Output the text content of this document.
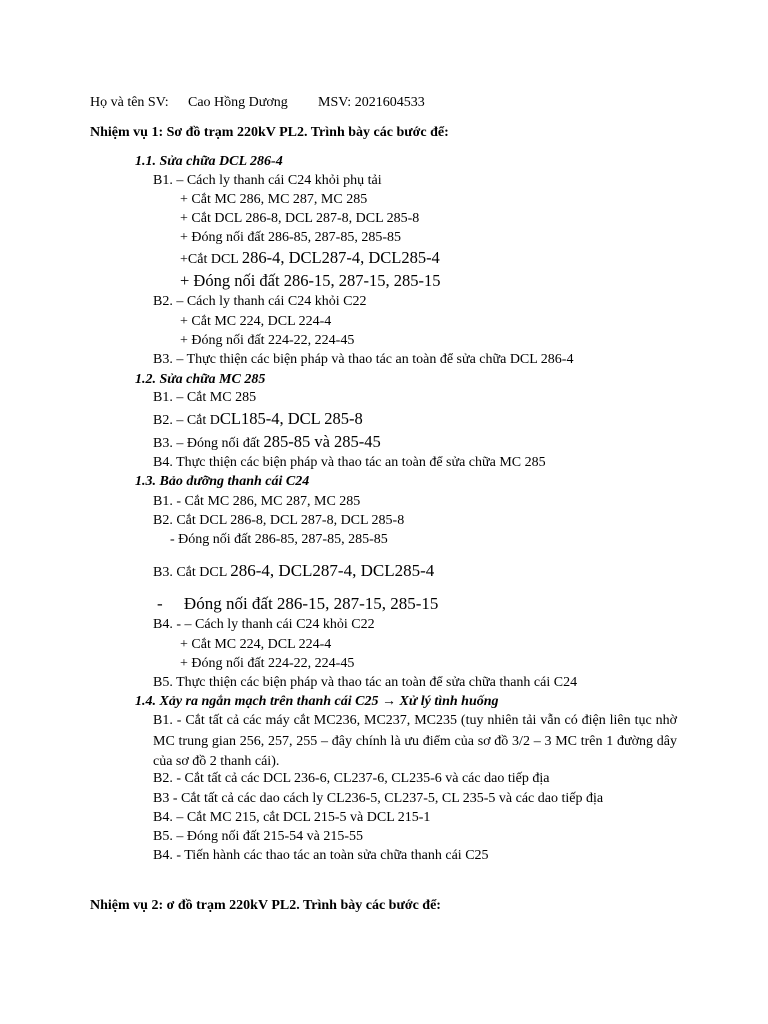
Họ và tên SV: Cao Hồng Dương MSV: 2021604533
Nhiệm vụ 1: Sơ đồ trạm 220kV PL2. Trình bày các bước để:
1.1. Sửa chữa DCL 286-4
B1. – Cách ly thanh cái C24 khỏi phụ tải
+ Cắt MC 286, MC 287, MC 285
+ Cắt DCL 286-8, DCL 287-8, DCL 285-8
+ Đóng nối đất 286-85, 287-85, 285-85
+Cắt DCL 286-4, DCL287-4, DCL285-4
+ Đóng nối đất 286-15, 287-15, 285-15
B2. – Cách ly thanh cái C24 khỏi C22
+ Cắt MC 224, DCL 224-4
+ Đóng nối đất 224-22, 224-45
B3. – Thực thiện các biện pháp và thao tác an toàn để sửa chữa DCL 286-4
1.2. Sửa chữa MC 285
B1. – Cắt MC 285
B2. – Cắt DCL185-4, DCL 285-8
B3. – Đóng nối đất 285-85 và 285-45
B4. Thực thiện các biện pháp và thao tác an toàn để sửa chữa MC 285
1.3. Bảo dưỡng thanh cái C24
B1. - Cắt MC 286, MC 287, MC 285
B2. Cắt DCL 286-8, DCL 287-8, DCL 285-8
- Đóng nối đất 286-85, 287-85, 285-85
B3. Cắt DCL 286-4, DCL287-4, DCL285-4
-     Đóng nối đất 286-15, 287-15, 285-15
B4. - – Cách ly thanh cái C24 khỏi C22
+ Cắt MC 224, DCL 224-4
+ Đóng nối đất 224-22, 224-45
B5. Thực thiện các biện pháp và thao tác an toàn để sửa chữa thanh cái C24
1.4. Xảy ra ngắn mạch trên thanh cái C25 → Xử lý tình huống
B1. - Cắt tất cả các máy cắt MC236, MC237, MC235 (tuy nhiên tải vẫn có điện liên tục nhờ MC trung gian 256, 257, 255 – đây chính là ưu điểm của sơ đồ 3/2 – 3 MC trên 1 đường dây của sơ đồ 2 thanh cái).
B2. - Cắt tất cả các DCL 236-6, CL237-6, CL235-6 và các dao tiếp địa
B3 - Cắt tất cả các dao cách ly CL236-5, CL237-5, CL 235-5 và các dao tiếp địa
B4. – Cắt MC 215, cắt DCL 215-5 và DCL 215-1
B5. – Đóng nối đất 215-54 và 215-55
B4. - Tiến hành các thao tác an toàn sửa chữa thanh cái C25
Nhiệm vụ 2: ơ đồ trạm 220kV PL2. Trình bày các bước để:
